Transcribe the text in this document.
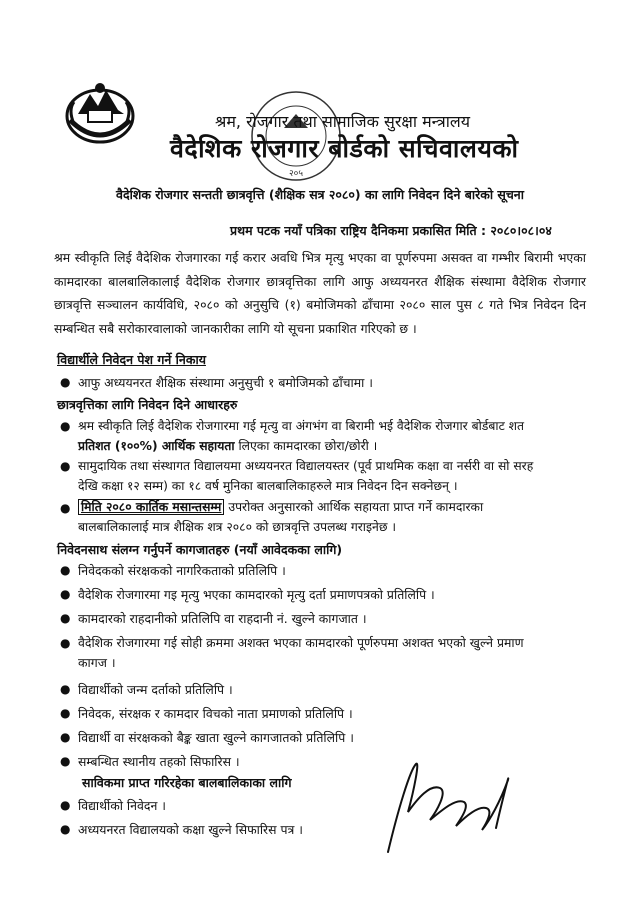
२०५
श्रम, रोजगार तथा सामाजिक सुरक्षा मन्त्रालय
वैदेशिक रोजगार बोर्डको सचिवालयको
वैदेशिक रोजगार सन्तती छात्रवृत्ति (शैक्षिक सत्र २०८०) का लागि निवेदन दिने बारेको सूचना
प्रथम पटक नयाँ पत्रिका राष्ट्रिय दैनिकमा प्रकासित मिति : २०८०।०८।०४
श्रम स्वीकृति लिई वैदेशिक रोजगारका गई करार अवधि भित्र मृत्यु भएका वा पूर्णरुपमा असक्त वा गम्भीर बिरामी भएका कामदारका बालबालिकालाई वैदेशिक रोजगार छात्रवृत्तिका लागि आफु अध्ययनरत शैक्षिक संस्थामा वैदेशिक रोजगार छात्रवृत्ति सञ्चालन कार्यविधि, २०८० को अनुसुचि (१) बमोजिमको ढाँचामा २०८० साल पुस ८ गते भित्र निवेदन दिन सम्बन्धित सबै सरोकारवालाको जानकारीका लागि यो सूचना प्रकाशित गरिएको छ ।
विद्यार्थीले निवेदन पेश गर्ने निकाय
● आफु अध्ययनरत शैक्षिक संस्थामा अनुसुची १ बमोजिमको ढाँचामा ।
छात्रवृत्तिका लागि निवेदन दिने आधारहरु
● श्रम स्वीकृति लिई वैदेशिक रोजगारमा गई मृत्यु वा अंगभंग वा बिरामी भई वैदेशिक रोजगार बोर्डबाट शत
प्रतिशत (१००%) आर्थिक सहायता लिएका कामदारका छोरा/छोरी ।
● सामुदायिक तथा संस्थागत विद्यालयमा अध्ययनरत विद्यालयस्तर (पूर्व प्राथमिक कक्षा वा नर्सरी वा सो सरह
देखि कक्षा १२ सम्म) का १८ वर्ष मुनिका बालबालिकाहरुले मात्र निवेदन दिन सक्नेछन् ।
● मिति २०८० कार्तिक मसान्तसम्म उपरोक्त अनुसारको आर्थिक सहायता प्राप्त गर्ने कामदारका
बालबालिकालाई मात्र शैक्षिक शत्र २०८० को छात्रवृत्ति उपलब्ध गराइनेछ ।
निवेदनसाथ संलग्न गर्नुपर्ने कागजातहरु (नयाँ आवेदकका लागि)
● निवेदकको संरक्षकको नागरिकताको प्रतिलिपि ।
● वैदेशिक रोजगारमा गइ मृत्यु भएका कामदारको मृत्यु दर्ता प्रमाणपत्रको प्रतिलिपि ।
● कामदारको राहदानीको प्रतिलिपि वा राहदानी नं. खुल्ने कागजात ।
● वैदेशिक रोजगारमा गई सोही क्रममा अशक्त भएका कामदारको पूर्णरुपमा अशक्त भएको खुल्ने प्रमाण
कागज ।
● विद्यार्थीको जन्म दर्ताको प्रतिलिपि ।
● निवेदक, संरक्षक र कामदार विचको नाता प्रमाणको प्रतिलिपि ।
● विद्यार्थी वा संरक्षकको बैङ्क खाता खुल्ने कागजातको प्रतिलिपि ।
● सम्बन्धित स्थानीय तहको सिफारिस ।
साविकमा प्राप्त गरिरहेका बालबालिकाका लागि
● विद्यार्थीको निवेदन ।
● अध्ययनरत विद्यालयको कक्षा खुल्ने सिफारिस पत्र ।
